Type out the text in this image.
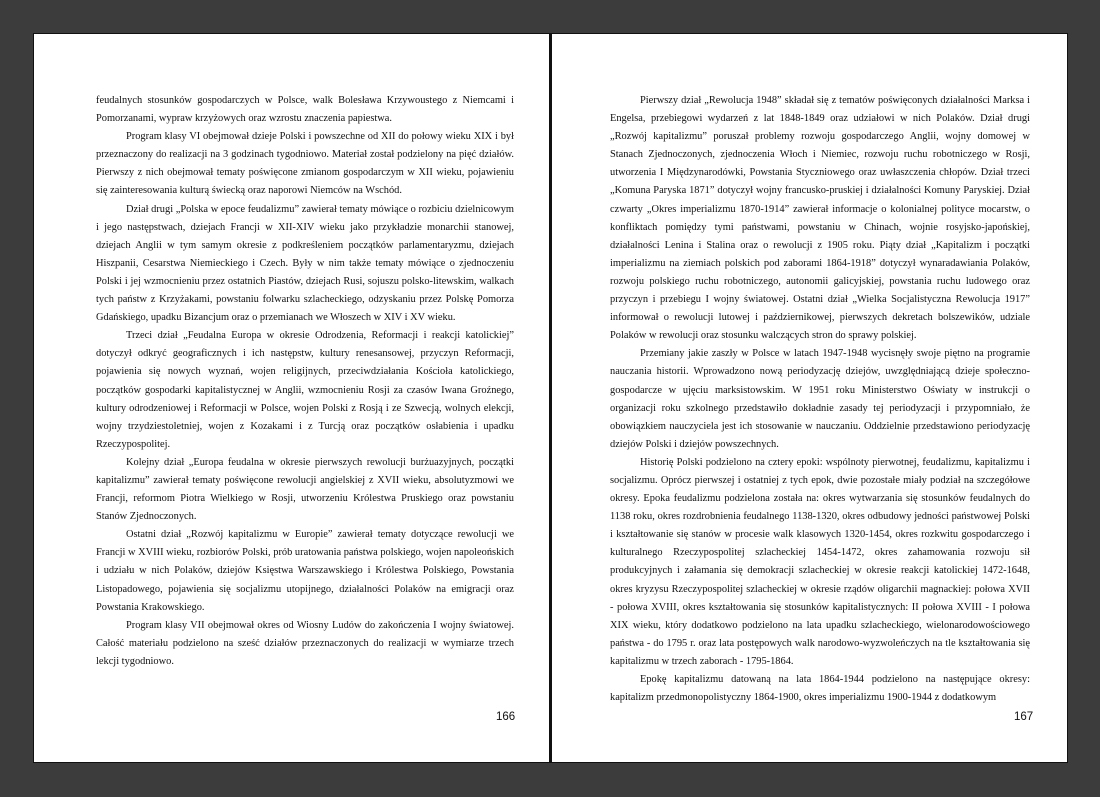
feudalnych stosunków gospodarczych w Polsce, walk Bolesława Krzywoustego z Niemcami i Pomorzanami, wypraw krzyżowych oraz wzrostu znaczenia papiestwa.

Program klasy VI obejmował dzieje Polski i powszechne od XII do połowy wieku XIX i był przeznaczony do realizacji na 3 godzinach tygodniowo. Materiał został podzielony na pięć działów. Pierwszy z nich obejmował tematy poświęcone zmianom gospodarczym w XII wieku, pojawieniu się zainteresowania kulturą świecką oraz naporowi Niemców na Wschód.

Dział drugi „Polska w epoce feudalizmu” zawierał tematy mówiące o rozbiciu dzielnicowym i jego następstwach, dziejach Francji w XII-XIV wieku jako przykładzie monarchii stanowej, dziejach Anglii w tym samym okresie z podkreśleniem początków parlamentaryzmu, dziejach Hiszpanii, Cesarstwa Niemieckiego i Czech. Były w nim także tematy mówiące o zjednoczeniu Polski i jej wzmocnieniu przez ostatnich Piastów, dziejach Rusi, sojuszu polsko-litewskim, walkach tych państw z Krzyżakami, powstaniu folwarku szlacheckiego, odzyskaniu przez Polskę Pomorza Gdańskiego, upadku Bizancjum oraz o przemianach we Włoszech w XIV i XV wieku.

Trzeci dział „Feudalna Europa w okresie Odrodzenia, Reformacji i reakcji katolickiej” dotyczył odkryć geograficznych i ich następstw, kultury renesansowej, przyczyn Reformacji, pojawienia się nowych wyznań, wojen religijnych, przeciwdziałania Kościoła katolickiego, początków gospodarki kapitalistycznej w Anglii, wzmocnieniu Rosji za czasów Iwana Groźnego, kultury odrodzeniowej i Reformacji w Polsce, wojen Polski z Rosją i ze Szwecją, wolnych elekcji, wojny trzydziestoletniej, wojen z Kozakami i z Turcją oraz początków osłabienia i upadku Rzeczypospolitej.

Kolejny dział „Europa feudalna w okresie pierwszych rewolucji burżuazyjnych, początki kapitalizmu” zawierał tematy poświęcone rewolucji angielskiej z XVII wieku, absolutyzmowi we Francji, reformom Piotra Wielkiego w Rosji, utworzeniu Królestwa Pruskiego oraz powstaniu Stanów Zjednoczonych.

Ostatni dział „Rozwój kapitalizmu w Europie” zawierał tematy dotyczące rewolucji we Francji w XVIII wieku, rozbiorów Polski, prób uratowania państwa polskiego, wojen napoleońskich i udziału w nich Polaków, dziejów Księstwa Warszawskiego i Królestwa Polskiego, Powstania Listopadowego, pojawienia się socjalizmu utopijnego, działalności Polaków na emigracji oraz Powstania Krakowskiego.

Program klasy VII obejmował okres od Wiosny Ludów do zakończenia I wojny światowej. Całość materiału podzielono na sześć działów przeznaczonych do realizacji w wymiarze trzech lekcji tygodniowo.

166

Pierwszy dział „Rewolucja 1948” składał się z tematów poświęconych działalności Marksa i Engelsa, przebiegowi wydarzeń z lat 1848-1849 oraz udziałowi w nich Polaków. Dział drugi „Rozwój kapitalizmu” poruszał problemy rozwoju gospodarczego Anglii, wojny domowej w Stanach Zjednoczonych, zjednoczenia Włoch i Niemiec, rozwoju ruchu robotniczego w Rosji, utworzenia I Międzynarodówki, Powstania Styczniowego oraz uwłaszczenia chłopów. Dział trzeci „Komuna Paryska 1871” dotyczył wojny francusko-pruskiej i działalności Komuny Paryskiej. Dział czwarty „Okres imperializmu 1870-1914” zawierał informacje o kolonialnej polityce mocarstw, o konfliktach pomiędzy tymi państwami, powstaniu w Chinach, wojnie rosyjsko-japońskiej, działalności Lenina i Stalina oraz o rewolucji z 1905 roku. Piąty dział „Kapitalizm i początki imperializmu na ziemiach polskich pod zaborami 1864-1918” dotyczył wynaradawiania Polaków, rozwoju polskiego ruchu robotniczego, autonomii galicyjskiej, powstania ruchu ludowego oraz przyczyn i przebiegu I wojny światowej. Ostatni dział „Wielka Socjalistyczna Rewolucja 1917” informował o rewolucji lutowej i październikowej, pierwszych dekretach bolszewików, udziale Polaków w rewolucji oraz stosunku walczących stron do sprawy polskiej.

Przemiany jakie zaszły w Polsce w latach 1947-1948 wycisnęły swoje piętno na programie nauczania historii. Wprowadzono nową periodyzację dziejów, uwzględniającą dzieje społeczno-gospodarcze w ujęciu marksistowskim. W 1951 roku Ministerstwo Oświaty w instrukcji o organizacji roku szkolnego przedstawiło dokładnie zasady tej periodyzacji i przypomniało, że obowiązkiem nauczyciela jest ich stosowanie w nauczaniu. Oddzielnie przedstawiono periodyzację dziejów Polski i dziejów powszechnych.

Historię Polski podzielono na cztery epoki: wspólnoty pierwotnej, feudalizmu, kapitalizmu i socjalizmu. Oprócz pierwszej i ostatniej z tych epok, dwie pozostałe miały podział na szczegółowe okresy. Epoka feudalizmu podzielona została na: okres wytwarzania się stosunków feudalnych do 1138 roku, okres rozdrobnienia feudalnego 1138-1320, okres odbudowy jedności państwowej Polski i kształtowanie się stanów w procesie walk klasowych 1320-1454, okres rozkwitu gospodarczego i kulturalnego Rzeczypospolitej szlacheckiej 1454-1472, okres zahamowania rozwoju sił produkcyjnych i załamania się demokracji szlacheckiej w okresie reakcji katolickiej 1472-1648, okres kryzysu Rzeczypospolitej szlacheckiej w okresie rządów oligarchii magnackiej: połowa XVII - połowa XVIII, okres kształtowania się stosunków kapitalistycznych: II połowa XVIII - I połowa XIX wieku, który dodatkowo podzielono na lata upadku szlacheckiego, wielonarodowościowego państwa - do 1795 r. oraz lata postępowych walk narodowo-wyzwoleńczych na tle kształtowania się kapitalizmu w trzech zaborach - 1795-1864.

Epokę kapitalizmu datowaną na lata 1864-1944 podzielono na następujące okresy: kapitalizm przedmonopolistyczny 1864-1900, okres imperializmu 1900-1944 z dodatkowym

167
